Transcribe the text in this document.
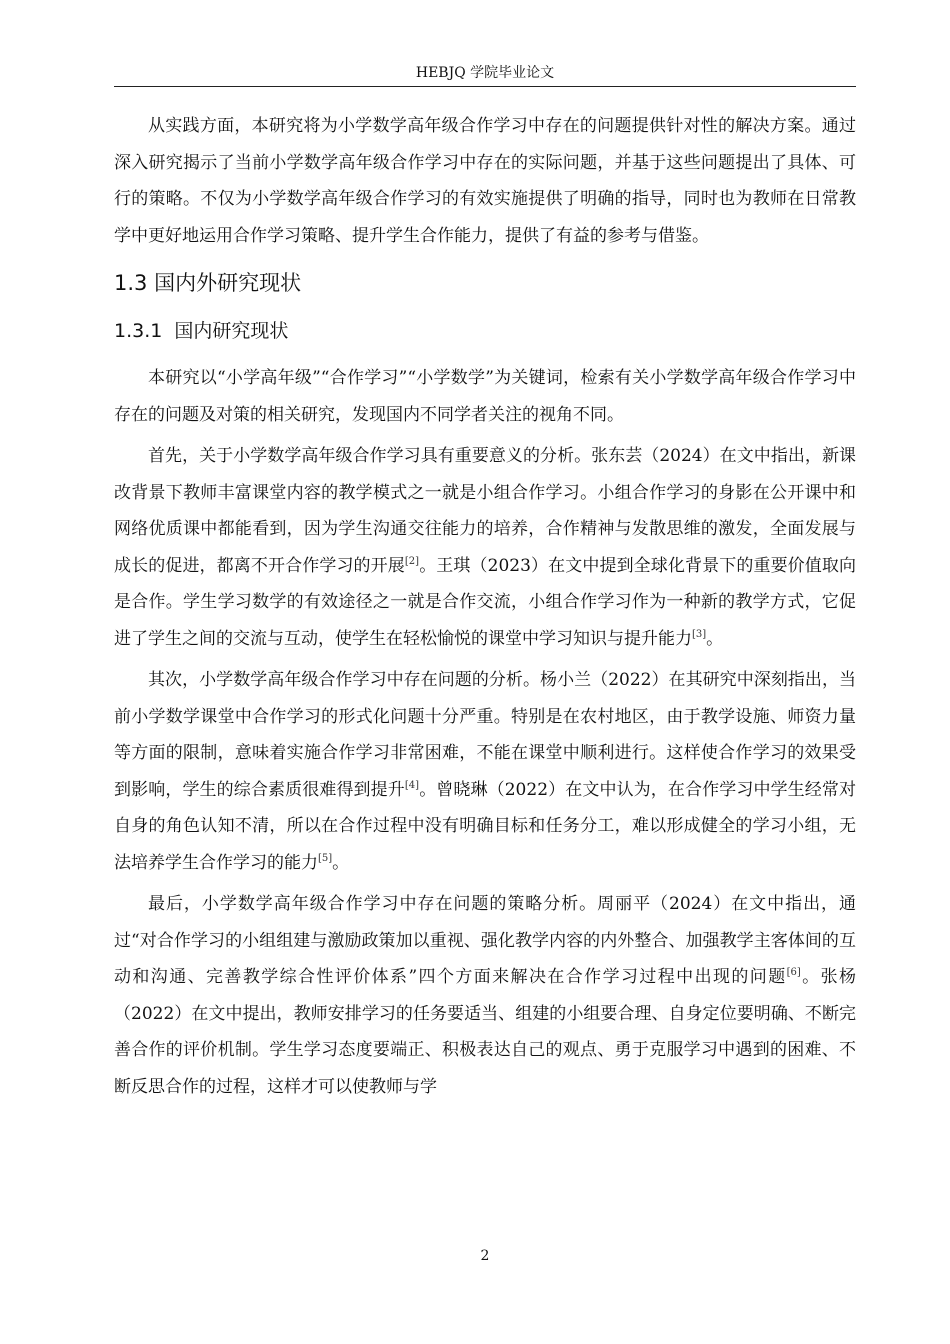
HEBJQ 学院毕业论文

从实践方面，本研究将为小学数学高年级合作学习中存在的问题提供针对性的解决方案。通过深入研究揭示了当前小学数学高年级合作学习中存在的实际问题，并基于这些问题提出了具体、可行的策略。不仅为小学数学高年级合作学习的有效实施提供了明确的指导，同时也为教师在日常教学中更好地运用合作学习策略、提升学生合作能力，提供了有益的参考与借鉴。

1.3 国内外研究现状
1.3.1 国内研究现状

本研究以“小学高年级”“合作学习”“小学数学”为关键词，检索有关小学数学高年级合作学习中存在的问题及对策的相关研究，发现国内不同学者关注的视角不同。

首先，关于小学数学高年级合作学习具有重要意义的分析。张东芸（2024）在文中指出，新课改背景下教师丰富课堂内容的教学模式之一就是小组合作学习。小组合作学习的身影在公开课中和网络优质课中都能看到，因为学生沟通交往能力的培养，合作精神与发散思维的激发，全面发展与成长的促进，都离不开合作学习的开展[2]。王琪（2023）在文中提到全球化背景下的重要价值取向是合作。学生学习数学的有效途径之一就是合作交流，小组合作学习作为一种新的教学方式，它促进了学生之间的交流与互动，使学生在轻松愉悦的课堂中学习知识与提升能力[3]。

其次，小学数学高年级合作学习中存在问题的分析。杨小兰（2022）在其研究中深刻指出，当前小学数学课堂中合作学习的形式化问题十分严重。特别是在农村地区，由于教学设施、师资力量等方面的限制，意味着实施合作学习非常困难，不能在课堂中顺利进行。这样使合作学习的效果受到影响，学生的综合素质很难得到提升[4]。曾晓琳（2022）在文中认为，在合作学习中学生经常对自身的角色认知不清，所以在合作过程中没有明确目标和任务分工，难以形成健全的学习小组，无法培养学生合作学习的能力[5]。

最后，小学数学高年级合作学习中存在问题的策略分析。周丽平（2024）在文中指出，通过“对合作学习的小组组建与激励政策加以重视、强化教学内容的内外整合、加强教学主客体间的互动和沟通、完善教学综合性评价体系”四个方面来解决在合作学习过程中出现的问题[6]。张杨（2022）在文中提出，教师安排学习的任务要适当、组建的小组要合理、自身定位要明确、不断完善合作的评价机制。学生学习态度要端正、积极表达自己的观点、勇于克服学习中遇到的困难、不断反思合作的过程，这样才可以使教师与学

2
